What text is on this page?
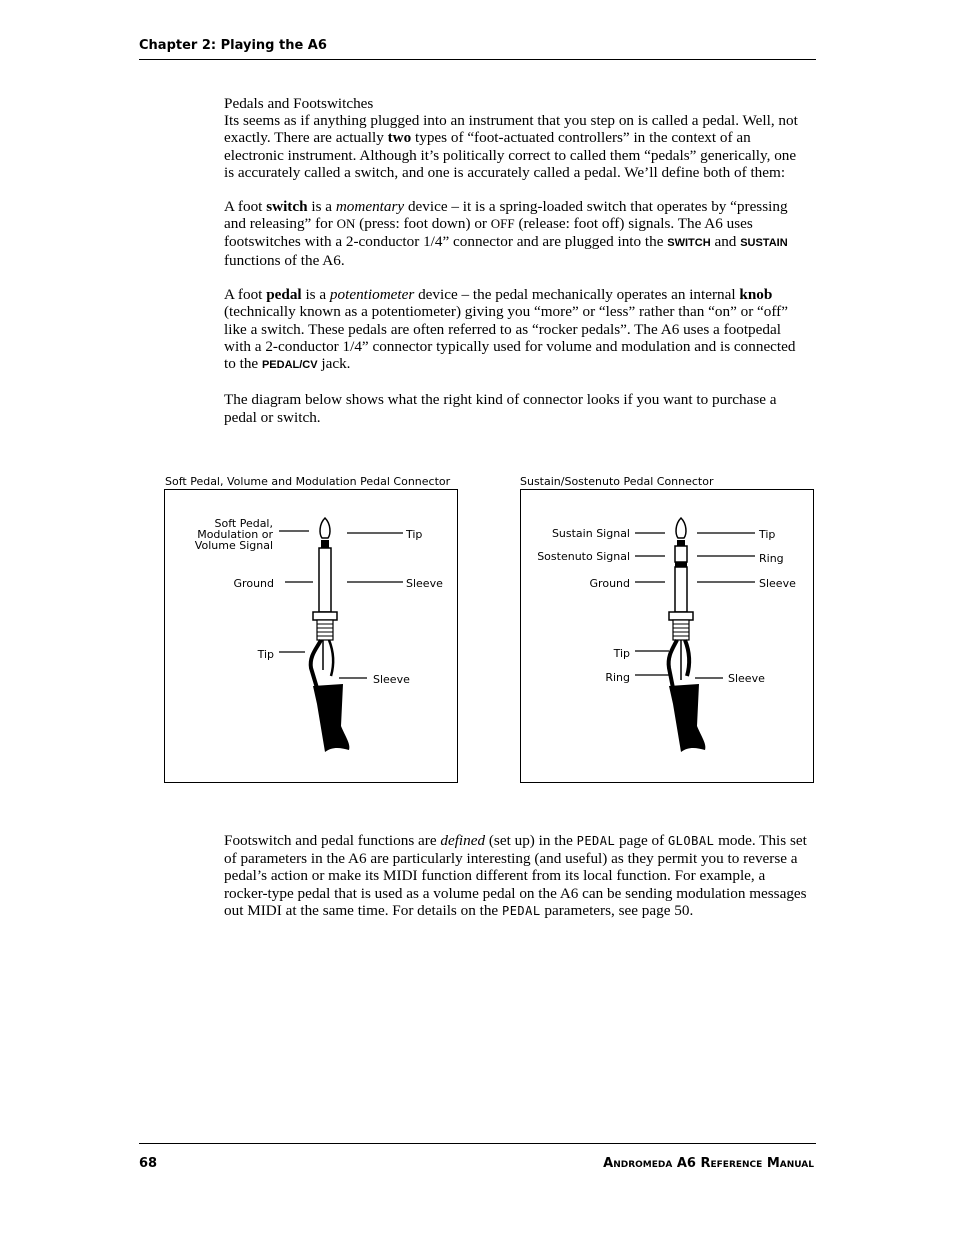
Chapter 2: Playing the A6
Pedals and Footswitches

Its seems as if anything plugged into an instrument that you step on is called a pedal. Well, not exactly. There are actually two types of “foot-actuated controllers” in the context of an electronic instrument. Although it’s politically correct to called them “pedals” generically, one is accurately called a switch, and one is accurately called a pedal. We’ll define both of them:

A foot switch is a momentary device – it is a spring-loaded switch that operates by “pressing and releasing” for ON (press: foot down) or OFF (release: foot off) signals. The A6 uses footswitches with a 2-conductor 1/4” connector and are plugged into the SWITCH and SUSTAIN functions of the A6.

A foot pedal is a potentiometer device – the pedal mechanically operates an internal knob (technically known as a potentiometer) giving you “more” or “less” rather than “on” or “off” like a switch. These pedals are often referred to as “rocker pedals”. The A6 uses a footpedal with a 2-conductor 1/4” connector typically used for volume and modulation and is connected to the PEDAL/CV jack.

The diagram below shows what the right kind of connector looks if you want to purchase a pedal or switch.

Soft Pedal, Volume and Modulation Pedal Connector
Soft Pedal,
Modulation or
Volume Signal
Tip
Ground	Sleeve
Tip
Sleeve
Sustain/Sostenuto Pedal Connector
Sustain Signal
Sostenuto Signal
Ground
Tip
Ring
Sleeve
Tip
Ring	Sleeve

Footswitch and pedal functions are defined (set up) in the PEDAL page of GLOBAL mode. This set of parameters in the A6 are particularly interesting (and useful) as they permit you to reverse a pedal’s action or make its MIDI function different from its local function. For example, a rocker-type pedal that is used as a volume pedal on the A6 can be sending modulation messages out MIDI at the same time. For details on the PEDAL parameters, see page 50.

68	Andromeda A6 Reference Manual
